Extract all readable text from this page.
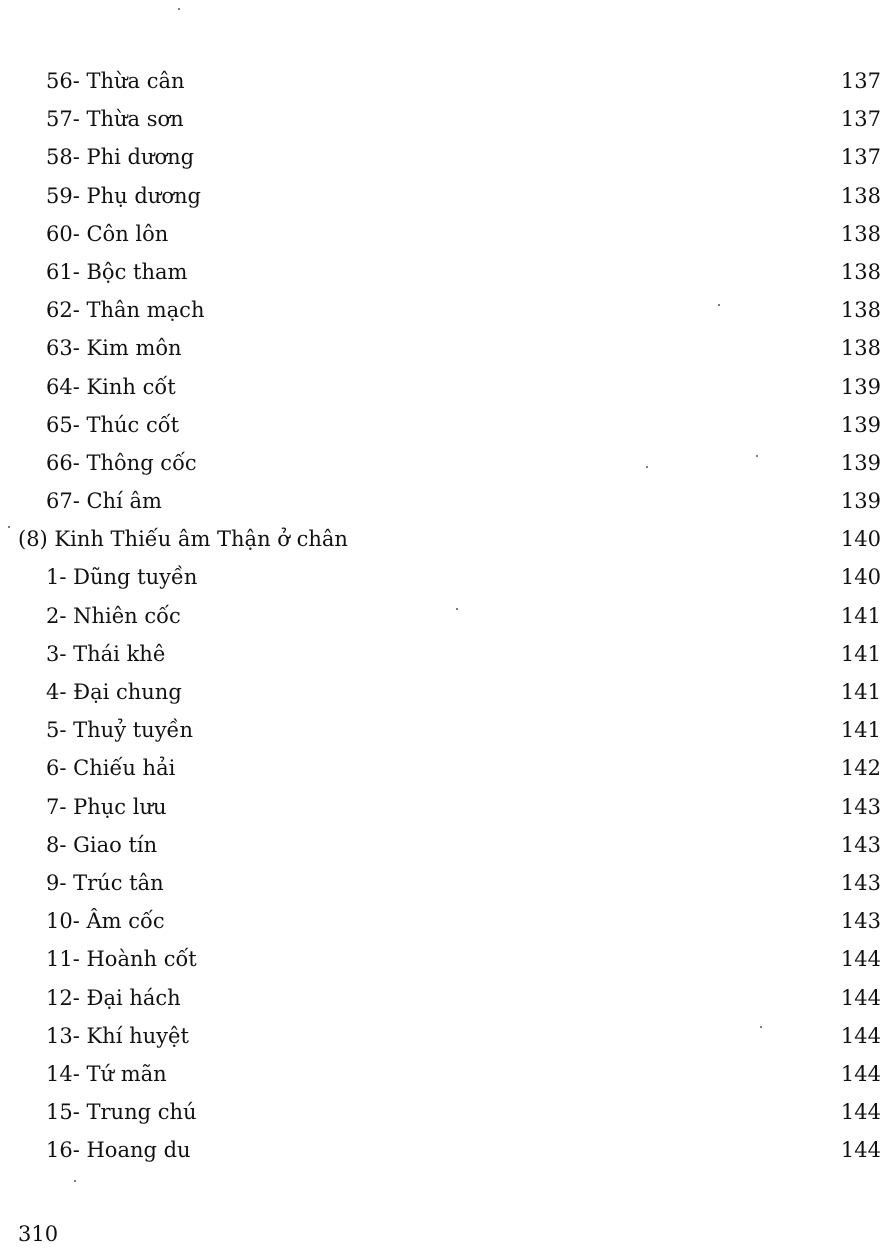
56- Thừa cân	137
57- Thừa sơn	137
58- Phi dương	137
59- Phụ dương	138
60- Côn lôn	138
61- Bộc tham	138
62- Thân mạch	138
63- Kim môn	138
64- Kinh cốt	139
65- Thúc cốt	139
66- Thông cốc	139
67- Chí âm	139
(8) Kinh Thiếu âm Thận ở chân	140
1- Dũng tuyền	140
2- Nhiên cốc	141
3- Thái khê	141
4- Đại chung	141
5- Thuỷ tuyền	141
6- Chiếu hải	142
7- Phục lưu	143
8- Giao tín	143
9- Trúc tân	143
10- Âm cốc	143
11- Hoành cốt	144
12- Đại hách	144
13- Khí huyệt	144
14- Tứ mãn	144
15- Trung chú	144
16- Hoang du	144
310
